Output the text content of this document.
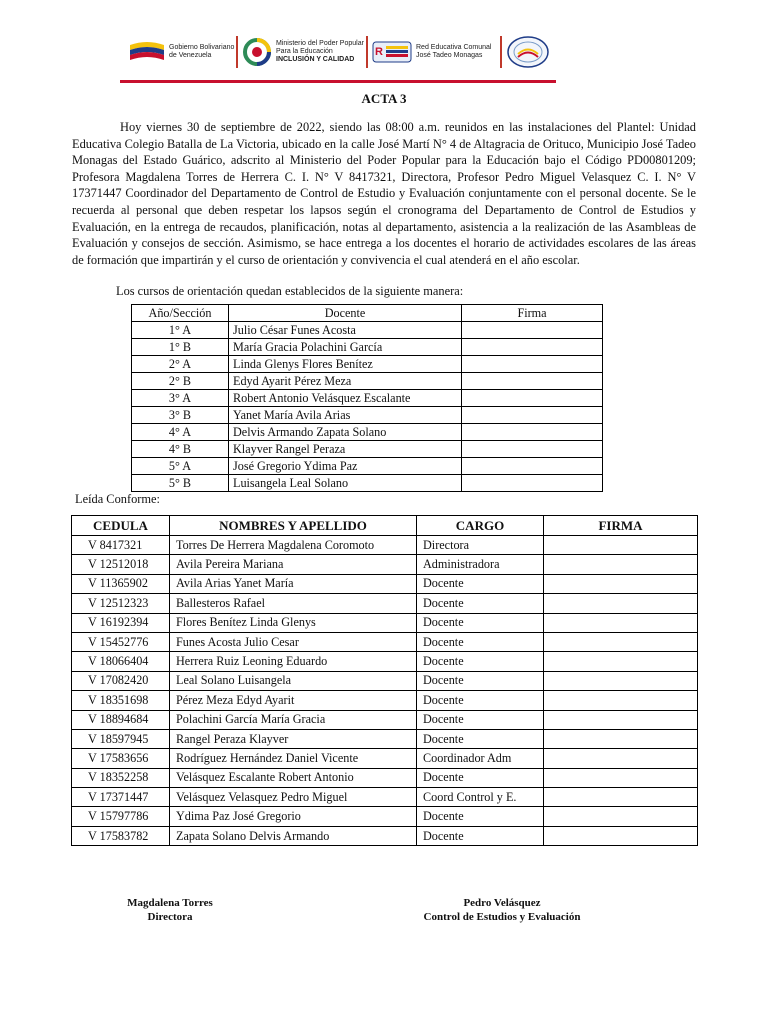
Gobierno Bolivariano
de Venezuela
Ministerio del Poder Popular
Para la Educación
INCLUSIÓN Y CALIDAD
R	Red Educativa Comunal
José Tadeo Monagas
ACTA 3

Hoy viernes 30 de septiembre de 2022, siendo las 08:00 a.m. reunidos en las instalaciones del Plantel: Unidad Educativa Colegio Batalla de La Victoria, ubicado en la calle José Martí N° 4 de Altagracia de Orituco, Municipio José Tadeo Monagas del Estado Guárico, adscrito al Ministerio del Poder Popular para la Educación bajo el Código PD00801209; Profesora Magdalena Torres de Herrera C. I. N° V 8417321, Directora, Profesor Pedro Miguel Velasquez C. I. N° V 17371447 Coordinador del Departamento de Control de Estudio y Evaluación conjuntamente con el personal docente. Se le recuerda al personal que deben respetar los lapsos según el cronograma del Departamento de Control de Estudios y Evaluación, en la entrega de recaudos, planificación, notas al departamento, asistencia a la realización de las Asambleas de Evaluación y consejos de sección. Asimismo, se hace entrega a los docentes el horario de actividades escolares de las áreas de formación que impartirán y el curso de orientación y convivencia el cual atenderá en el año escolar.

Los cursos de orientación quedan establecidos de la siguiente manera:
Año/Sección	Docente	Firma
1° A	Julio César Funes Acosta	
1° B	María Gracia Polachini García	
2° A	Linda Glenys Flores Benítez	
2° B	Edyd Ayarit Pérez Meza	
3° A	Robert Antonio Velásquez Escalante	
3° B	Yanet María Avila Arias	
4° A	Delvis Armando Zapata Solano	
4° B	Klayver Rangel Peraza	
5° A	José Gregorio Ydima Paz	
5° B	Luisangela Leal Solano	
Leída Conforme:
CEDULA	NOMBRES Y APELLIDO	CARGO	FIRMA
V 8417321	Torres De Herrera Magdalena Coromoto	Directora	
V 12512018	Avila Pereira Mariana	Administradora	
V 11365902	Avila Arias Yanet María	Docente	
V 12512323	Ballesteros Rafael	Docente	
V 16192394	Flores Benítez Linda Glenys	Docente	
V 15452776	Funes Acosta Julio Cesar	Docente	
V 18066404	Herrera Ruiz Leoning Eduardo	Docente	
V 17082420	Leal Solano Luisangela	Docente	
V 18351698	Pérez Meza Edyd Ayarit	Docente	
V 18894684	Polachini García María Gracia	Docente	
V 18597945	Rangel Peraza Klayver	Docente	
V 17583656	Rodríguez Hernández Daniel Vicente	Coordinador Adm	
V 18352258	Velásquez Escalante Robert Antonio	Docente	
V 17371447	Velásquez Velasquez Pedro Miguel	Coord Control y E.	
V 15797786	Ydima Paz José Gregorio	Docente	
V 17583782	Zapata Solano Delvis Armando	Docente	
Magdalena Torres
Directora
Pedro Velásquez
Control de Estudios y Evaluación
